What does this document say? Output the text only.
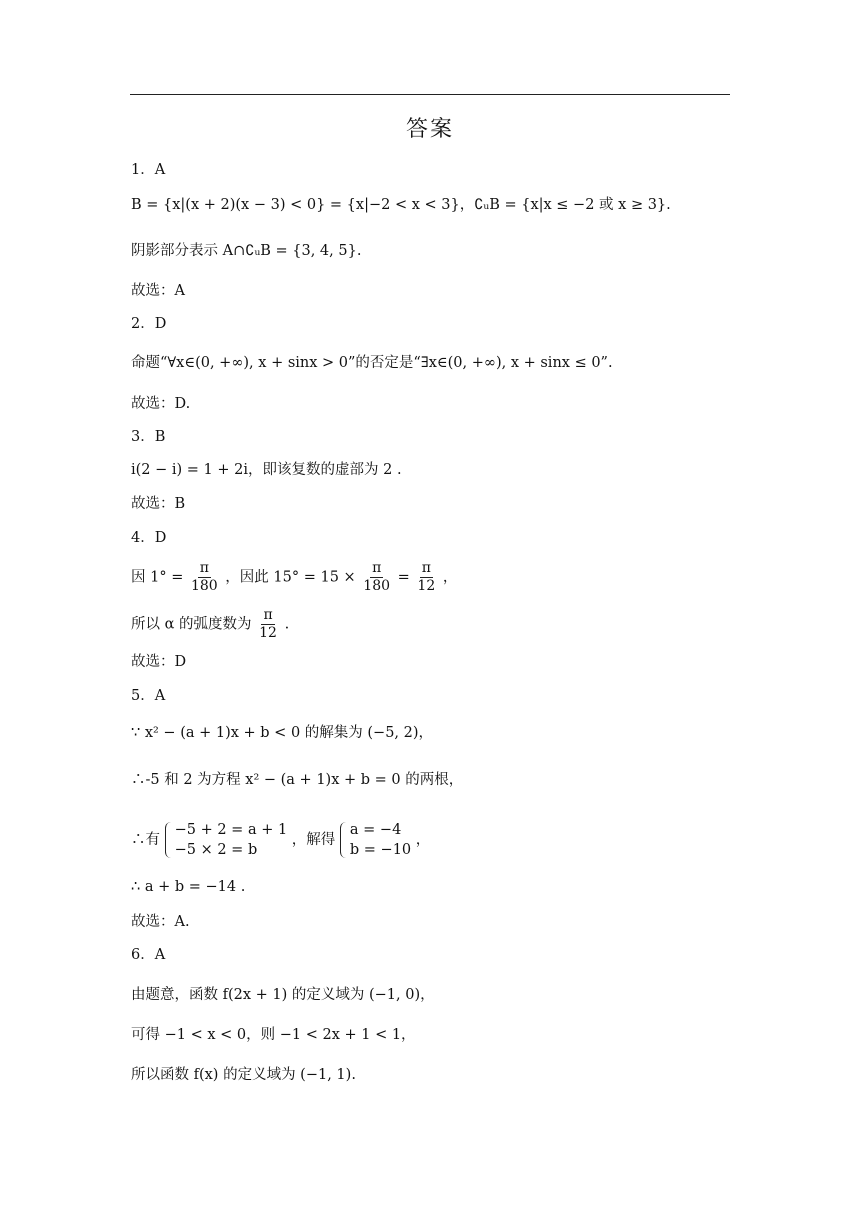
答案
1．A
B = {x|(x + 2)(x − 3) < 0} = {x|−2 < x < 3}，∁ᵤB = {x|x ≤ −2 或 x ≥ 3}.
阴影部分表示 A∩∁ᵤB = {3, 4, 5}.
故选：A
2．D
命题“∀x∈(0, +∞), x + sinx > 0”的否定是“∃x∈(0, +∞), x + sinx ≤ 0”.
故选：D.
3．B
i(2 − i) = 1 + 2i，即该复数的虚部为 2 .
故选：B
4．D
因 $1^\circ = \frac{\pi}{180}$ ，因此 $15^\circ = 15 \times \frac{\pi}{180} = \frac{\pi}{12}$ ，
所以 α 的弧度数为 $\frac{\pi}{12}$ .
故选：D
5．A
∵ x² − (a + 1)x + b < 0 的解集为 (−5, 2)，
∴-5 和 2 为方程 x² − (a + 1)x + b = 0 的两根，
∴有
−5 + 2 = a + 1
−5 × 2 = b
，解得
a = −4
b = −10
，
∴ a + b = −14 .
故选：A.
6．A
由题意，函数 f(2x + 1) 的定义域为 (−1, 0)，
可得 −1 < x < 0，则 −1 < 2x + 1 < 1，
所以函数 f(x) 的定义域为 (−1, 1).
